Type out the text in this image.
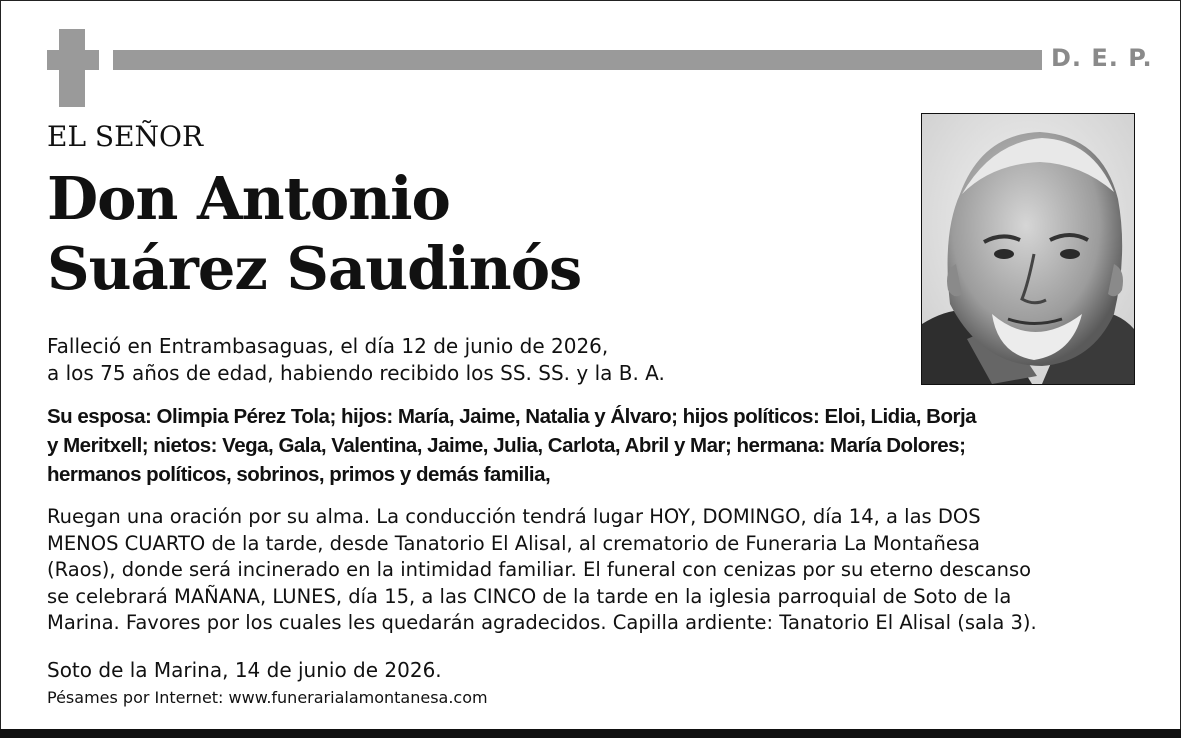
D. E. P.
EL SEÑOR
Don Antonio
Suárez Saudinós
Falleció en Entrambasaguas, el día 12 de junio de 2026,
a los 75 años de edad, habiendo recibido los SS. SS. y la B. A.
Su esposa: Olimpia Pérez Tola; hijos: María, Jaime, Natalia y Álvaro; hijos políticos: Eloi, Lidia, Borja
y Meritxell; nietos: Vega, Gala, Valentina, Jaime, Julia, Carlota, Abril y Mar; hermana: María Dolores;
hermanos políticos, sobrinos, primos y demás familia,
Ruegan una oración por su alma. La conducción tendrá lugar HOY, DOMINGO, día 14, a las DOS
MENOS CUARTO de la tarde, desde Tanatorio El Alisal, al crematorio de Funeraria La Montañesa
(Raos), donde será incinerado en la intimidad familiar. El funeral con cenizas por su eterno descanso
se celebrará MAÑANA, LUNES, día 15, a las CINCO de la tarde en la iglesia parroquial de Soto de la
Marina. Favores por los cuales les quedarán agradecidos. Capilla ardiente: Tanatorio El Alisal (sala 3).
Soto de la Marina, 14 de junio de 2026.
Pésames por Internet: www.funerarialamontanesa.com
